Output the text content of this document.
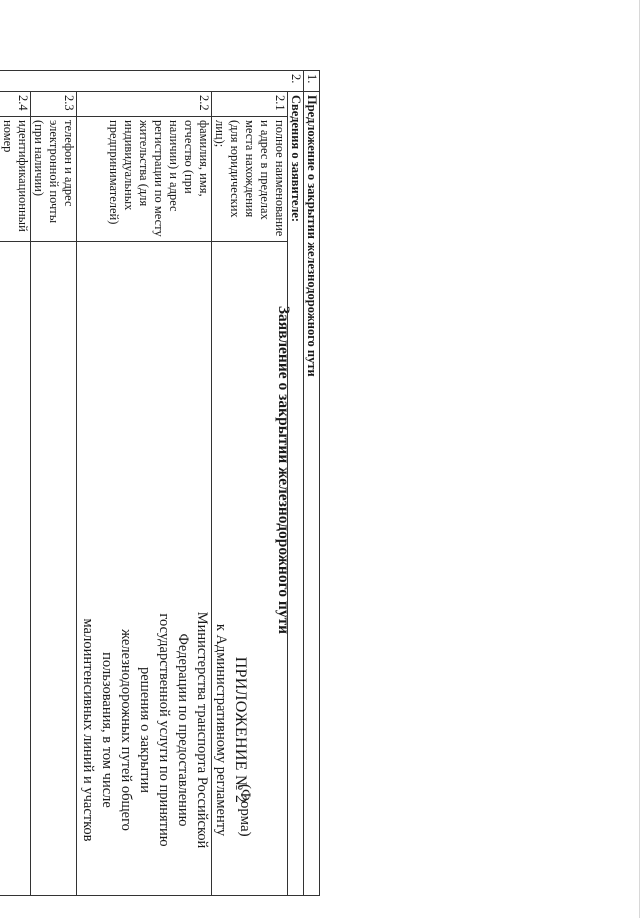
ПРИЛОЖЕНИЕ № 2
к Административному регламенту
Министерства транспорта Российской
Федерации по предоставлению
государственной услуги по принятию
решения о закрытии
железнодорожных путей общего
пользования, в том числе
малоинтенсивных линий и участков	(Форма)
Заявление о закрытии железнодорожного пути
1.	Предложение о закрытии железнодорожного пути		
2.	Сведения о заявителе:		
	2.1	полное наименование и адрес в пределах места нахождения (для юридических лиц);	
	2.2	фамилия, имя, отчество (при наличии) и адрес регистрации по месту жительства (для индивидуальных предпринимателей)	
	2.3	телефон и адрес электронной почты (при наличии)	
	2.4	идентификационный номер	
